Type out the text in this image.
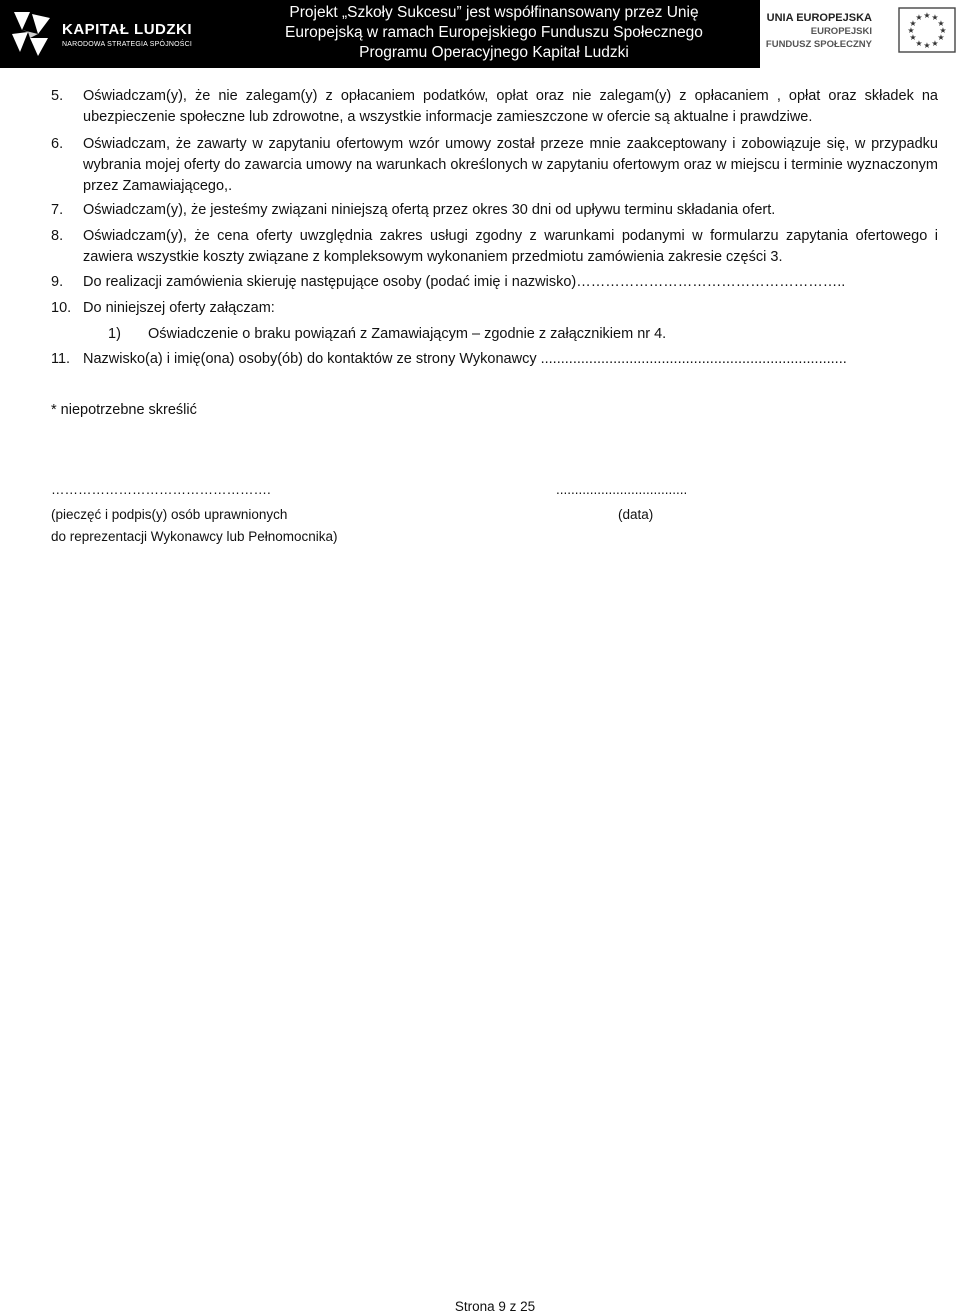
KAPITAŁ LUDZKI
NARODOWA STRATEGIA SPÓJNOŚCI
Projekt „Szkoły Sukcesu” jest współfinansowany przez Unię
Europejską w ramach Europejskiego Funduszu Społecznego
Programu Operacyjnego Kapitał Ludzki
UNIA EUROPEJSKA
EUROPEJSKI
FUNDUSZ SPOŁECZNY
★ ★
★
★
★
★
★
★
★
★
★
★
5. Oświadczam(y), że nie zalegam(y) z opłacaniem podatków, opłat oraz nie zalegam(y) z opłacaniem , opłat oraz składek na ubezpieczenie społeczne lub zdrowotne, a wszystkie informacje zamieszczone w ofercie są aktualne i prawdziwe.
6. Oświadczam, że zawarty w zapytaniu ofertowym wzór umowy został przeze mnie zaakceptowany i zobowiązuje się, w przypadku wybrania mojej oferty do zawarcia umowy na warunkach określonych w zapytaniu ofertowym oraz w miejscu i terminie wyznaczonym przez Zamawiającego,.
7. Oświadczam(y), że jesteśmy związani niniejszą ofertą przez okres 30 dni od upływu terminu składania ofert.
8. Oświadczam(y), że cena oferty uwzględnia zakres usługi zgodny z warunkami podanymi w formularzu zapytania ofertowego i zawiera wszystkie koszty związane z kompleksowym wykonaniem przedmiotu zamówienia zakresie części 3.
9. Do realizacji zamówienia skieruję następujące osoby (podać imię i nazwisko)………………………………………………..
10. Do niniejszej oferty załączam:
1) Oświadczenie o braku powiązań z Zamawiającym – zgodnie z załącznikiem nr 4.
11. Nazwisko(a) i imię(ona) osoby(ób) do kontaktów ze strony Wykonawcy ............................................................................
* niepotrzebne skreślić
………………………………………….	...................................
(pieczęć i podpis(y) osób uprawnionych
do reprezentacji Wykonawcy lub Pełnomocnika)
(data)
Strona 9 z 25
